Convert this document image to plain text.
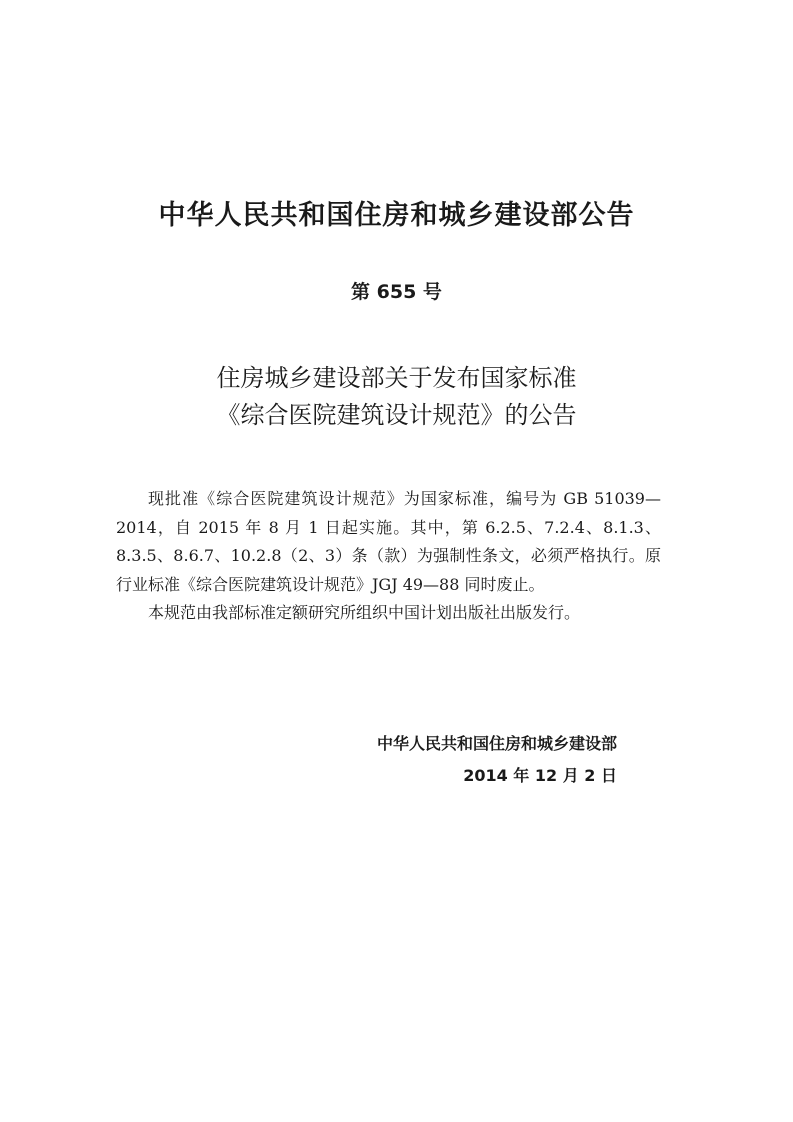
中华人民共和国住房和城乡建设部公告
第 655 号
住房城乡建设部关于发布国家标准
《综合医院建筑设计规范》的公告

现批准《综合医院建筑设计规范》为国家标准，编号为 GB 51039—2014，自 2015 年 8 月 1 日起实施。其中，第 6.2.5、7.2.4、8.1.3、8.3.5、8.6.7、10.2.8（2、3）条（款）为强制性条文，必须严格执行。原行业标准《综合医院建筑设计规范》JGJ 49—88 同时废止。

本规范由我部标准定额研究所组织中国计划出版社出版发行。

中华人民共和国住房和城乡建设部
2014 年 12 月 2 日
